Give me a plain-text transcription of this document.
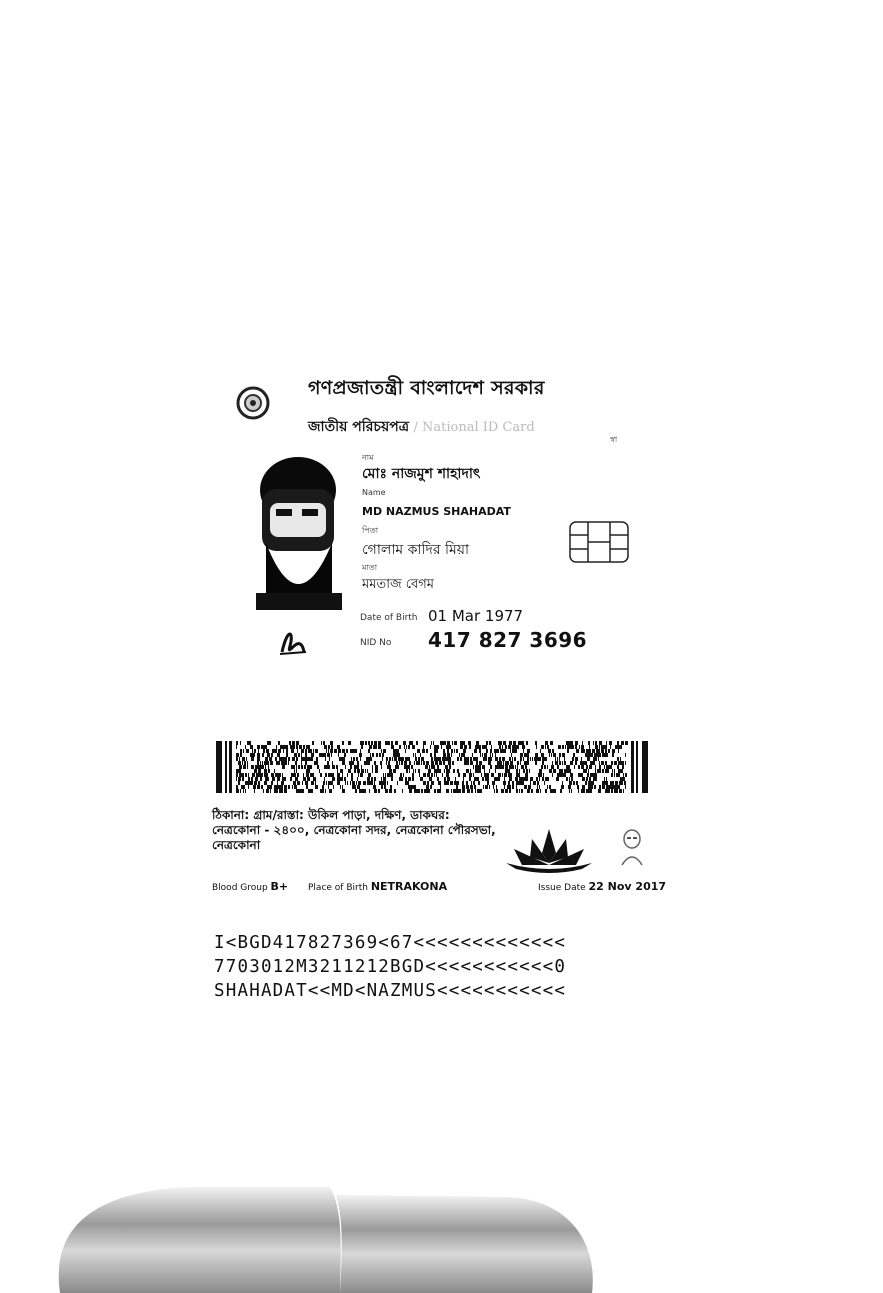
গণপ্রজাতন্ত্রী বাংলাদেশ সরকার
জাতীয় পরিচয়পত্র / National ID Card
স্বা
নাম
মোঃ নাজমুশ শাহাদাৎ
Name
MD NAZMUS SHAHADAT
পিতা
গোলাম কাদির মিয়া
মাতা
মমতাজ বেগম
Date of Birth 01 Mar 1977
NID No 417 827 3696
ঠিকানা: গ্রাম/রাস্তা: উকিল পাড়া, দক্ষিণ, ডাকঘর: নেত্রকোনা - ২৪০০, নেত্রকোনা সদর, নেত্রকোনা পৌরসভা, নেত্রকোনা
Blood Group B+ Place of Birth NETRAKONA	Issue Date 22 Nov 2017
I<BGD417827369<67<<<<<<<<<<<<<
7703012M3211212BGD<<<<<<<<<<<0
SHAHADAT<<MD<NAZMUS<<<<<<<<<<<
